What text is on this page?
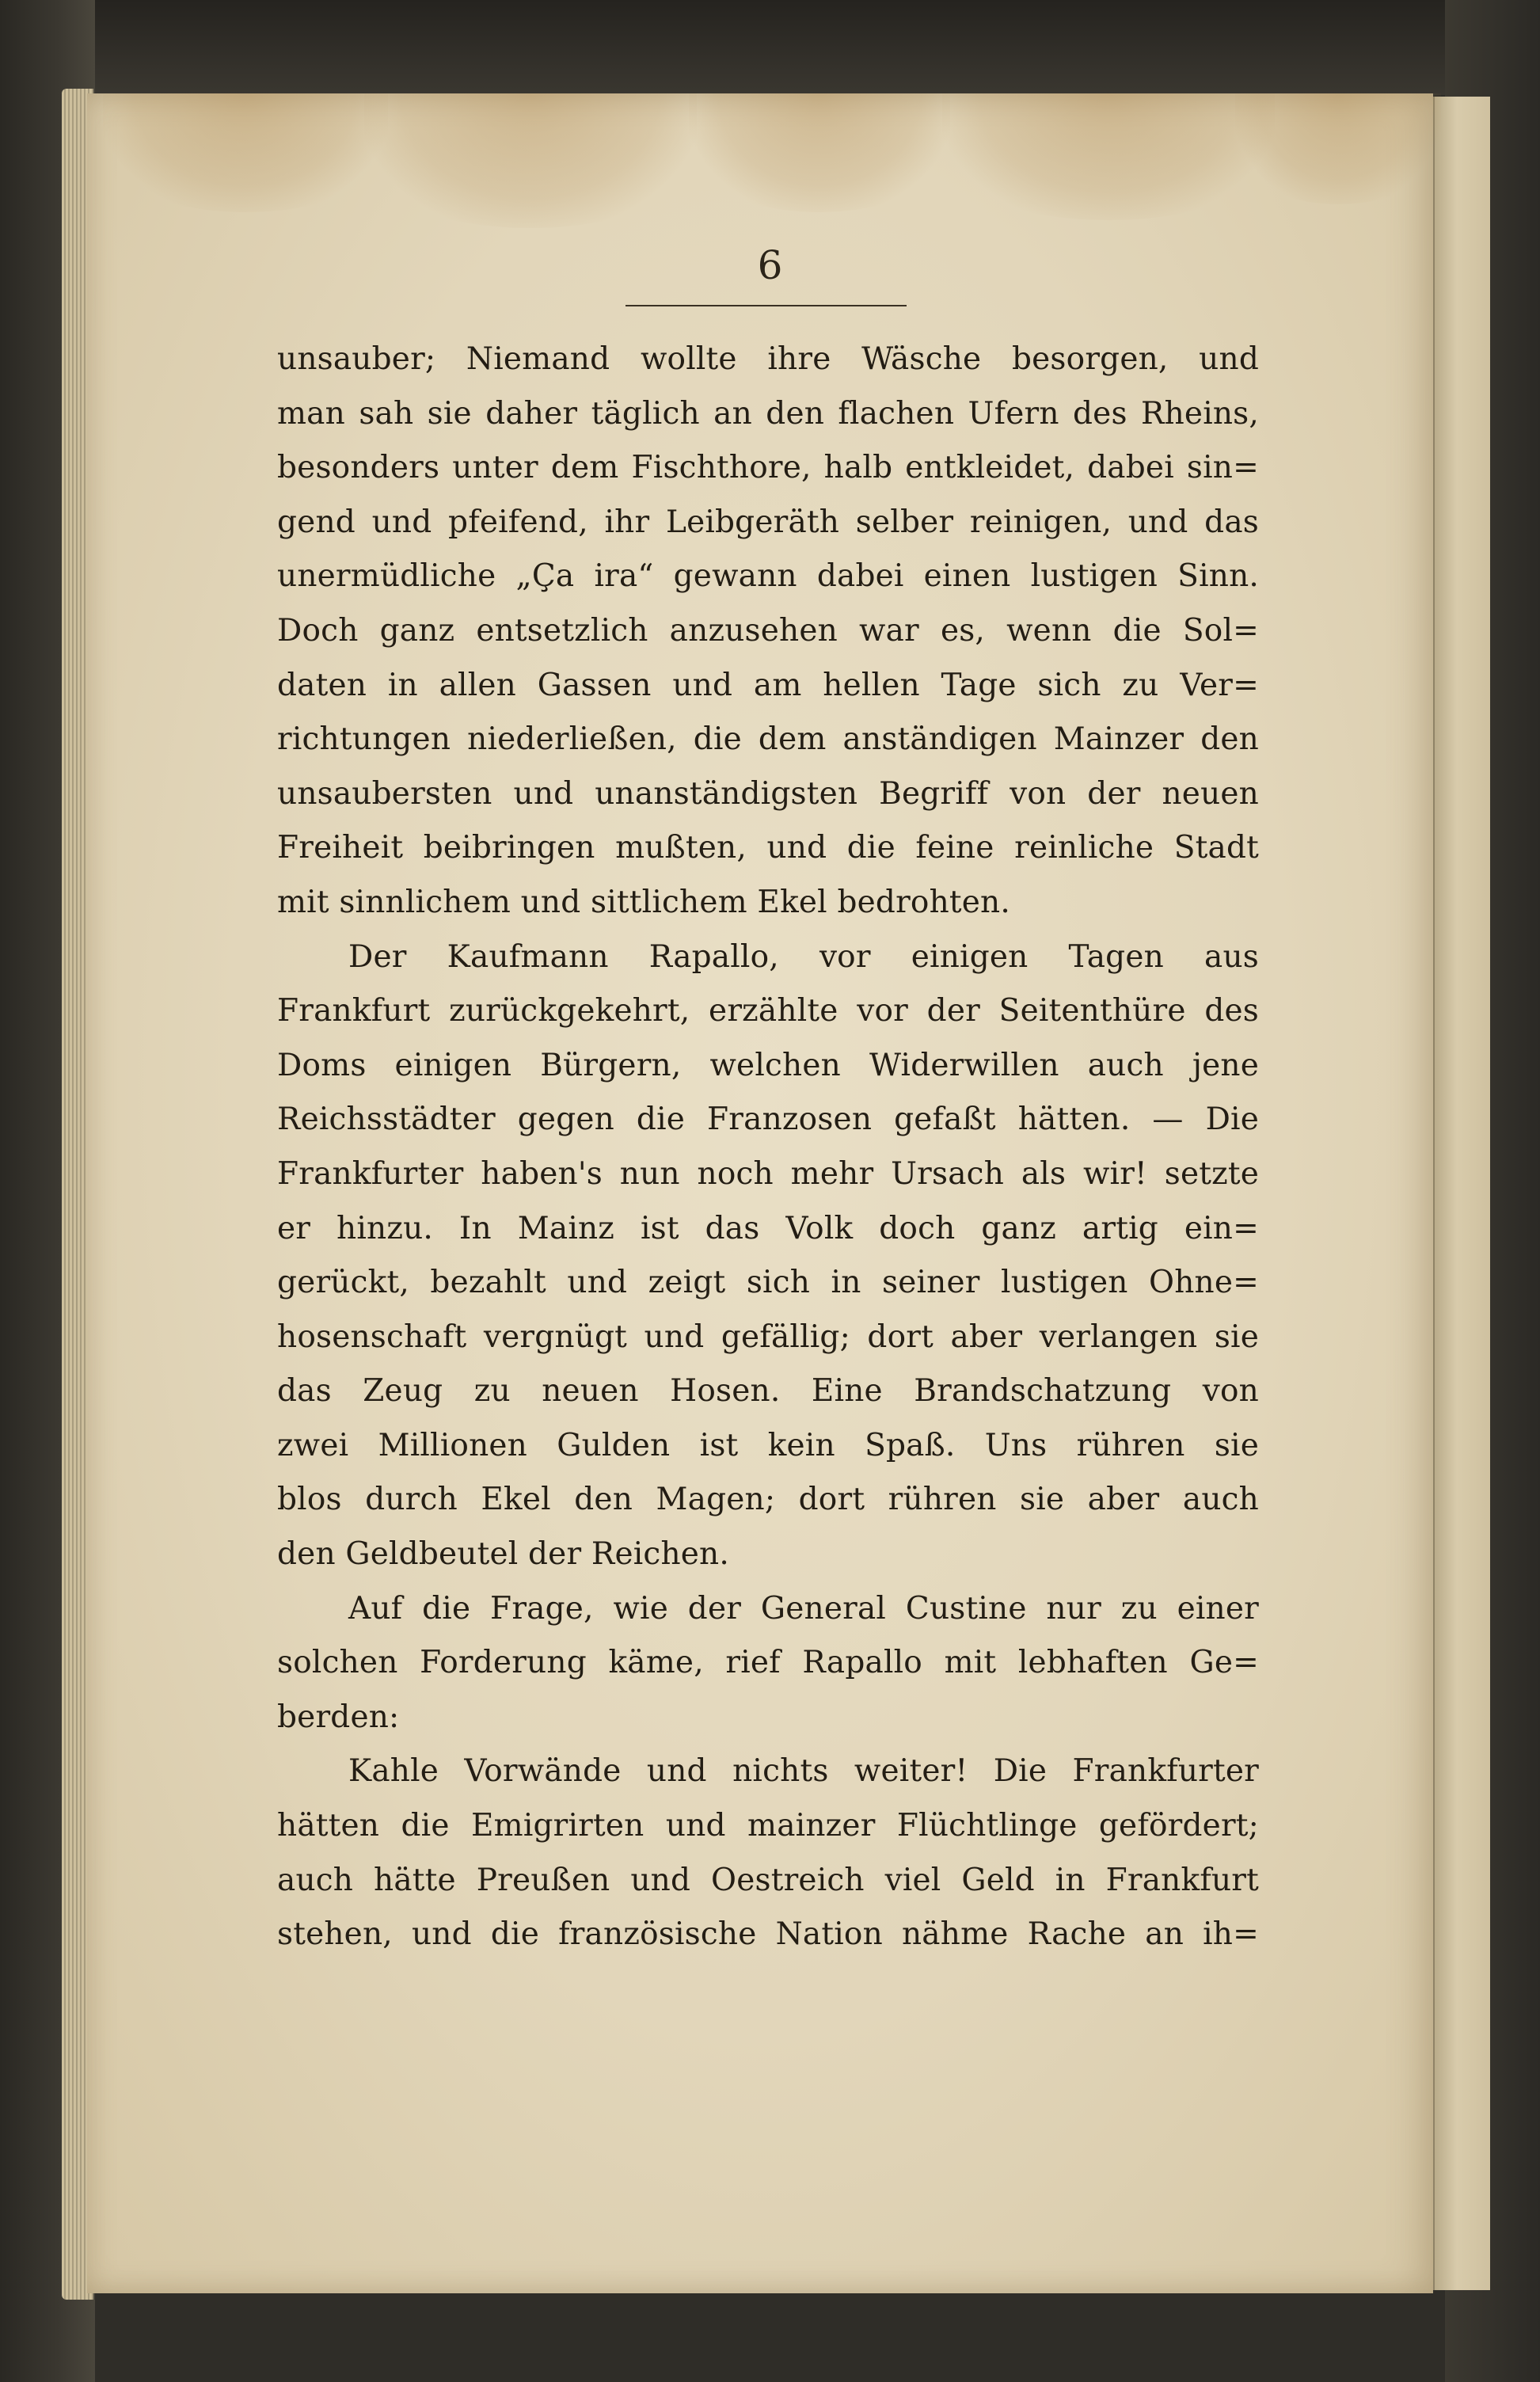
6
unsauber; Niemand wollte ihre Wäsche besorgen, und
man sah sie daher täglich an den flachen Ufern des Rheins,
besonders unter dem Fischthore, halb entkleidet, dabei sin=
gend und pfeifend, ihr Leibgeräth selber reinigen, und das
unermüdliche „Ça ira“ gewann dabei einen lustigen Sinn.
Doch ganz entsetzlich anzusehen war es, wenn die Sol=
daten in allen Gassen und am hellen Tage sich zu Ver=
richtungen niederließen, die dem anständigen Mainzer den
unsaubersten und unanständigsten Begriff von der neuen
Freiheit beibringen mußten, und die feine reinliche Stadt
mit sinnlichem und sittlichem Ekel bedrohten.
Der Kaufmann Rapallo, vor einigen Tagen aus
Frankfurt zurückgekehrt, erzählte vor der Seitenthüre des
Doms einigen Bürgern, welchen Widerwillen auch jene
Reichsstädter gegen die Franzosen gefaßt hätten. — Die
Frankfurter haben's nun noch mehr Ursach als wir! setzte
er hinzu. In Mainz ist das Volk doch ganz artig ein=
gerückt, bezahlt und zeigt sich in seiner lustigen Ohne=
hosenschaft vergnügt und gefällig; dort aber verlangen sie
das Zeug zu neuen Hosen. Eine Brandschatzung von
zwei Millionen Gulden ist kein Spaß. Uns rühren sie
blos durch Ekel den Magen; dort rühren sie aber auch
den Geldbeutel der Reichen.
Auf die Frage, wie der General Custine nur zu einer
solchen Forderung käme, rief Rapallo mit lebhaften Ge=
berden:
Kahle Vorwände und nichts weiter! Die Frankfurter
hätten die Emigrirten und mainzer Flüchtlinge gefördert;
auch hätte Preußen und Oestreich viel Geld in Frankfurt
stehen, und die französische Nation nähme Rache an ih=
